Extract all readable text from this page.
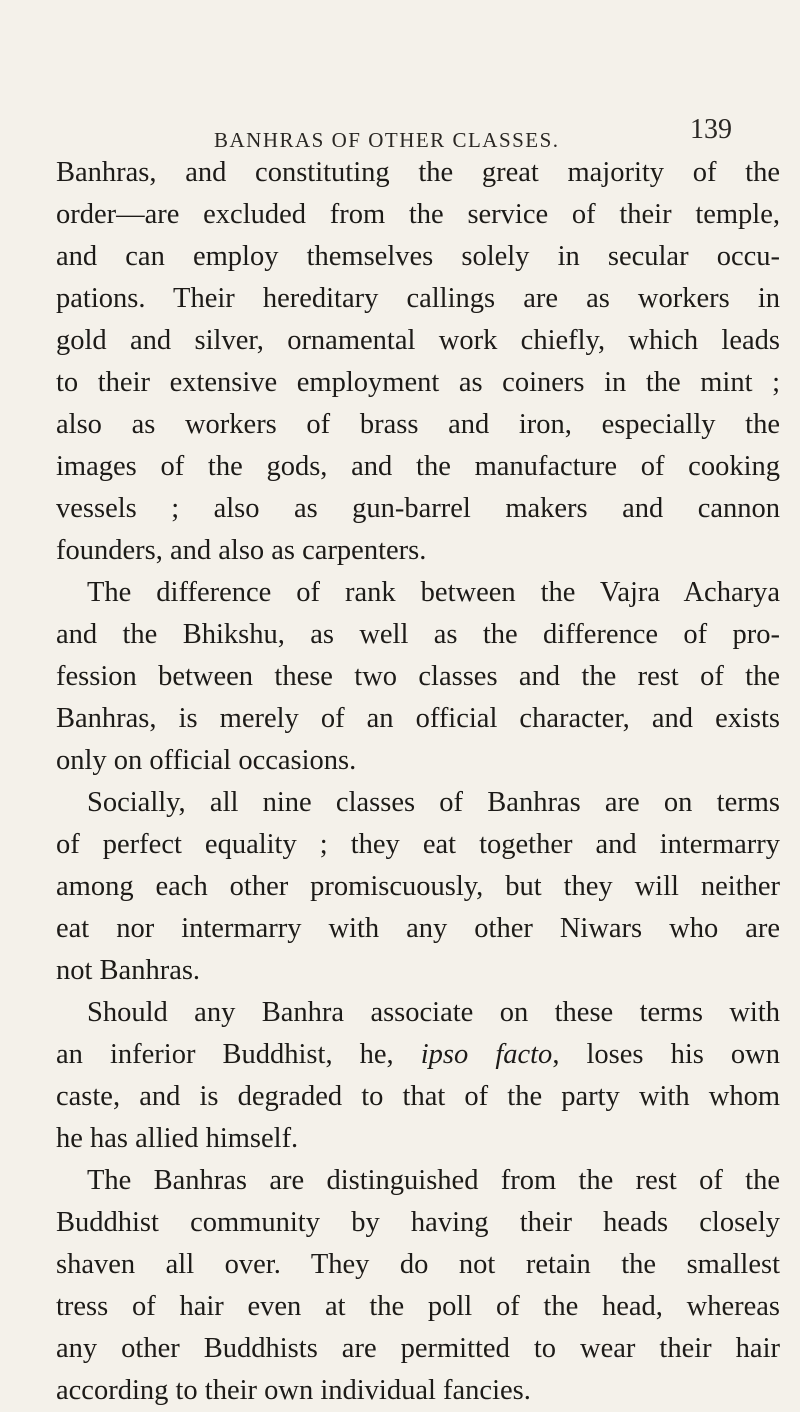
BANHRAS OF OTHER CLASSES.	139
Banhras, and constituting the great majority of the
order—are excluded from the service of their temple,
and can employ themselves solely in secular occu-
pations. Their hereditary callings are as workers in
gold and silver, ornamental work chiefly, which leads
to their extensive employment as coiners in the mint ;
also as workers of brass and iron, especially the
images of the gods, and the manufacture of cooking
vessels ; also as gun-barrel makers and cannon
founders, and also as carpenters.
The difference of rank between the Vajra Acharya
and the Bhikshu, as well as the difference of pro-
fession between these two classes and the rest of the
Banhras, is merely of an official character, and exists
only on official occasions.
Socially, all nine classes of Banhras are on terms
of perfect equality ; they eat together and intermarry
among each other promiscuously, but they will neither
eat nor intermarry with any other Niwars who are
not Banhras.
Should any Banhra associate on these terms with
an inferior Buddhist, he, ipso facto, loses his own
caste, and is degraded to that of the party with whom
he has allied himself.
The Banhras are distinguished from the rest of the
Buddhist community by having their heads closely
shaven all over. They do not retain the smallest
tress of hair even at the poll of the head, whereas
any other Buddhists are permitted to wear their hair
according to their own individual fancies.
